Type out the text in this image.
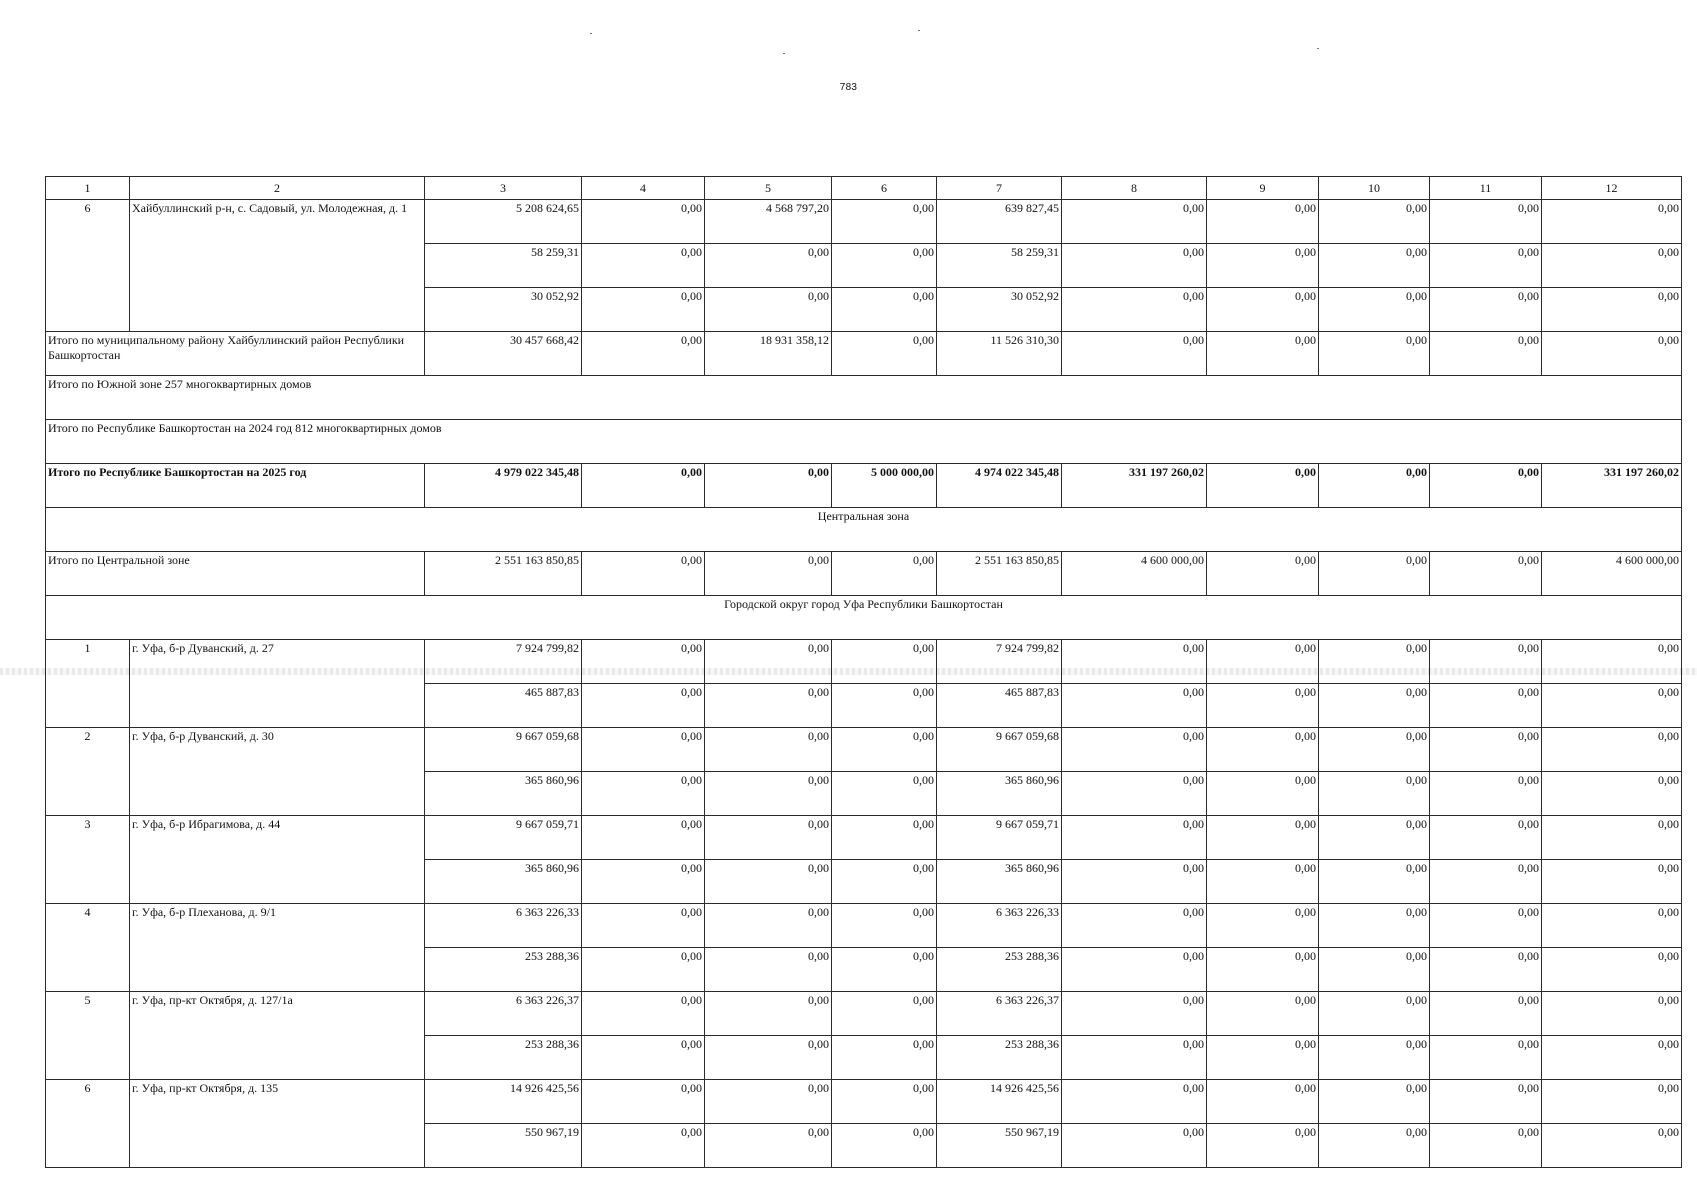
783
1	2	3	4	5	6	7	8	9	10	11	12
6	Хайбуллинский р-н, с. Садовый, ул. Молодежная, д. 1	5 208 624,65	0,00	4 568 797,20	0,00	639 827,45	0,00	0,00	0,00	0,00	0,00
		58 259,31	0,00	0,00	0,00	58 259,31	0,00	0,00	0,00	0,00	0,00
		30 052,92	0,00	0,00	0,00	30 052,92	0,00	0,00	0,00	0,00	0,00
Итого по муниципальному району Хайбуллинский район Республики Башкортостан		30 457 668,42	0,00	18 931 358,12	0,00	11 526 310,30	0,00	0,00	0,00	0,00	0,00
Итого по Южной зоне 257 многоквартирных домов											
Итого по Республике Башкортостан на 2024 год 812 многоквартирных домов											
Итого по Республике Башкортостан на 2025 год		4 979 022 345,48	0,00	0,00	5 000 000,00	4 974 022 345,48	331 197 260,02	0,00	0,00	0,00	331 197 260,02
Центральная зона											
Итого по Центральной зоне		2 551 163 850,85	0,00	0,00	0,00	2 551 163 850,85	4 600 000,00	0,00	0,00	0,00	4 600 000,00
Городской округ город Уфа Республики Башкортостан											
1	г. Уфа, б-р Дуванский, д. 27	7 924 799,82	0,00	0,00	0,00	7 924 799,82	0,00	0,00	0,00	0,00	0,00
		465 887,83	0,00	0,00	0,00	465 887,83	0,00	0,00	0,00	0,00	0,00
2	г. Уфа, б-р Дуванский, д. 30	9 667 059,68	0,00	0,00	0,00	9 667 059,68	0,00	0,00	0,00	0,00	0,00
		365 860,96	0,00	0,00	0,00	365 860,96	0,00	0,00	0,00	0,00	0,00
3	г. Уфа, б-р Ибрагимова, д. 44	9 667 059,71	0,00	0,00	0,00	9 667 059,71	0,00	0,00	0,00	0,00	0,00
		365 860,96	0,00	0,00	0,00	365 860,96	0,00	0,00	0,00	0,00	0,00
4	г. Уфа, б-р Плеханова, д. 9/1	6 363 226,33	0,00	0,00	0,00	6 363 226,33	0,00	0,00	0,00	0,00	0,00
		253 288,36	0,00	0,00	0,00	253 288,36	0,00	0,00	0,00	0,00	0,00
5	г. Уфа, пр-кт Октября, д. 127/1а	6 363 226,37	0,00	0,00	0,00	6 363 226,37	0,00	0,00	0,00	0,00	0,00
		253 288,36	0,00	0,00	0,00	253 288,36	0,00	0,00	0,00	0,00	0,00
6	г. Уфа, пр-кт Октября, д. 135	14 926 425,56	0,00	0,00	0,00	14 926 425,56	0,00	0,00	0,00	0,00	0,00
		550 967,19	0,00	0,00	0,00	550 967,19	0,00	0,00	0,00	0,00	0,00
